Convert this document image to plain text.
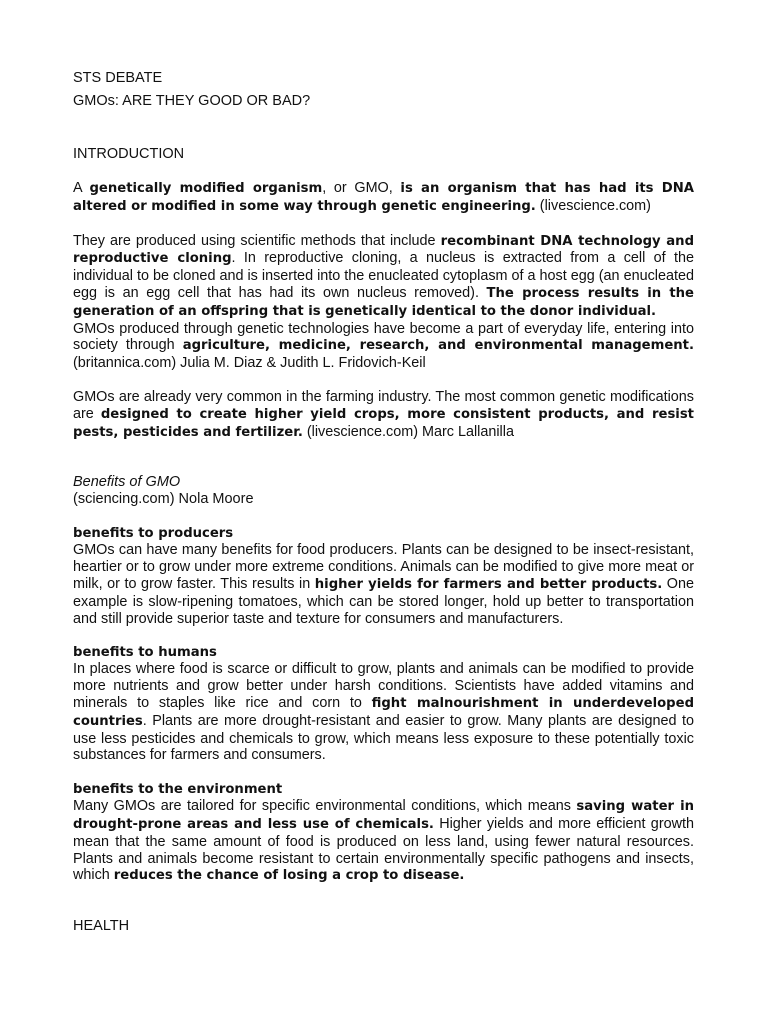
STS DEBATE
GMOs: ARE THEY GOOD OR BAD?
INTRODUCTION

A genetically modified organism, or GMO, is an organism that has had its DNA altered or modified in some way through genetic engineering. (livescience.com)

They are produced using scientific methods that include recombinant DNA technology and reproductive cloning. In reproductive cloning, a nucleus is extracted from a cell of the individual to be cloned and is inserted into the enucleated cytoplasm of a host egg (an enucleated egg is an egg cell that has had its own nucleus removed). The process results in the generation of an offspring that is genetically identical to the donor individual.

GMOs produced through genetic technologies have become a part of everyday life, entering into society through agriculture, medicine, research, and environmental management. (britannica.com) Julia M. Diaz & Judith L. Fridovich-Keil

GMOs are already very common in the farming industry. The most common genetic modifications are designed to create higher yield crops, more consistent products, and resist pests, pesticides and fertilizer. (livescience.com) Marc Lallanilla

Benefits of GMO
(sciencing.com) Nola Moore
benefits to producers

GMOs can have many benefits for food producers. Plants can be designed to be insect-resistant, heartier or to grow under more extreme conditions. Animals can be modified to give more meat or milk, or to grow faster. This results in higher yields for farmers and better products. One example is slow-ripening tomatoes, which can be stored longer, hold up better to transportation and still provide superior taste and texture for consumers and manufacturers.

benefits to humans

In places where food is scarce or difficult to grow, plants and animals can be modified to provide more nutrients and grow better under harsh conditions. Scientists have added vitamins and minerals to staples like rice and corn to fight malnourishment in underdeveloped countries. Plants are more drought-resistant and easier to grow. Many plants are designed to use less pesticides and chemicals to grow, which means less exposure to these potentially toxic substances for farmers and consumers.

benefits to the environment

Many GMOs are tailored for specific environmental conditions, which means saving water in drought-prone areas and less use of chemicals. Higher yields and more efficient growth mean that the same amount of food is produced on less land, using fewer natural resources. Plants and animals become resistant to certain environmentally specific pathogens and insects, which reduces the chance of losing a crop to disease.

HEALTH
